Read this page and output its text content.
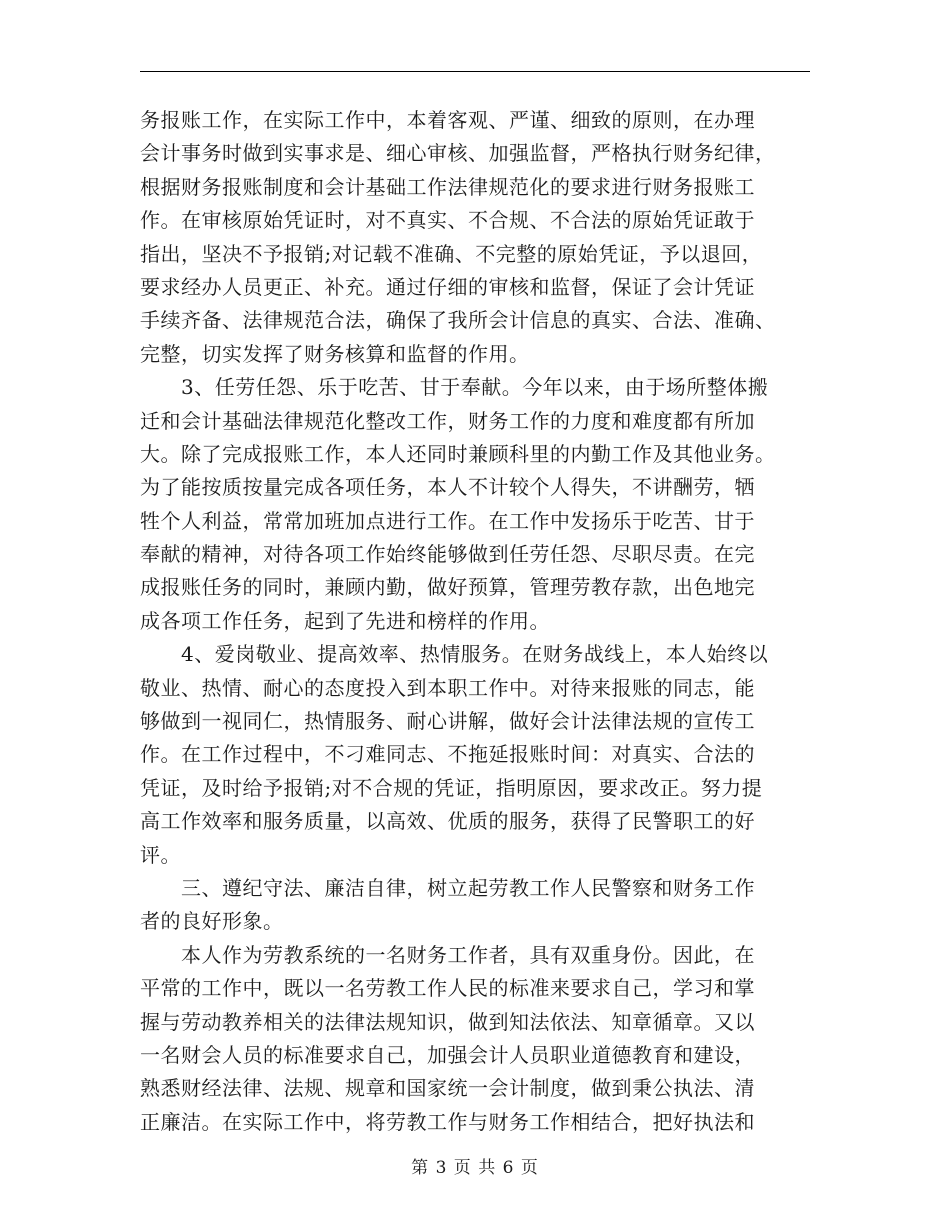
务报账工作，在实际工作中，本着客观、严谨、细致的原则，在办理
会计事务时做到实事求是、细心审核、加强监督，严格执行财务纪律，
根据财务报账制度和会计基础工作法律规范化的要求进行财务报账工
作。在审核原始凭证时，对不真实、不合规、不合法的原始凭证敢于
指出，坚决不予报销;对记载不准确、不完整的原始凭证，予以退回，
要求经办人员更正、补充。通过仔细的审核和监督，保证了会计凭证
手续齐备、法律规范合法，确保了我所会计信息的真实、合法、准确、
完整，切实发挥了财务核算和监督的作用。
　　3、任劳任怨、乐于吃苦、甘于奉献。今年以来，由于场所整体搬
迁和会计基础法律规范化整改工作，财务工作的力度和难度都有所加
大。除了完成报账工作，本人还同时兼顾科里的内勤工作及其他业务。
为了能按质按量完成各项任务，本人不计较个人得失，不讲酬劳，牺
牲个人利益，常常加班加点进行工作。在工作中发扬乐于吃苦、甘于
奉献的精神，对待各项工作始终能够做到任劳任怨、尽职尽责。在完
成报账任务的同时，兼顾内勤，做好预算，管理劳教存款，出色地完
成各项工作任务，起到了先进和榜样的作用。
　　4、爱岗敬业、提高效率、热情服务。在财务战线上，本人始终以
敬业、热情、耐心的态度投入到本职工作中。对待来报账的同志，能
够做到一视同仁，热情服务、耐心讲解，做好会计法律法规的宣传工
作。在工作过程中，不刁难同志、不拖延报账时间：对真实、合法的
凭证，及时给予报销;对不合规的凭证，指明原因，要求改正。努力提
高工作效率和服务质量，以高效、优质的服务，获得了民警职工的好
评。
　　三、遵纪守法、廉洁自律，树立起劳教工作人民警察和财务工作
者的良好形象。
　　本人作为劳教系统的一名财务工作者，具有双重身份。因此，在
平常的工作中，既以一名劳教工作人民的标准来要求自己，学习和掌
握与劳动教养相关的法律法规知识，做到知法依法、知章循章。又以
一名财会人员的标准要求自己，加强会计人员职业道德教育和建设，
熟悉财经法律、法规、规章和国家统一会计制度，做到秉公执法、清
正廉洁。在实际工作中，将劳教工作与财务工作相结合，把好执法和
第 3 页 共 6 页
